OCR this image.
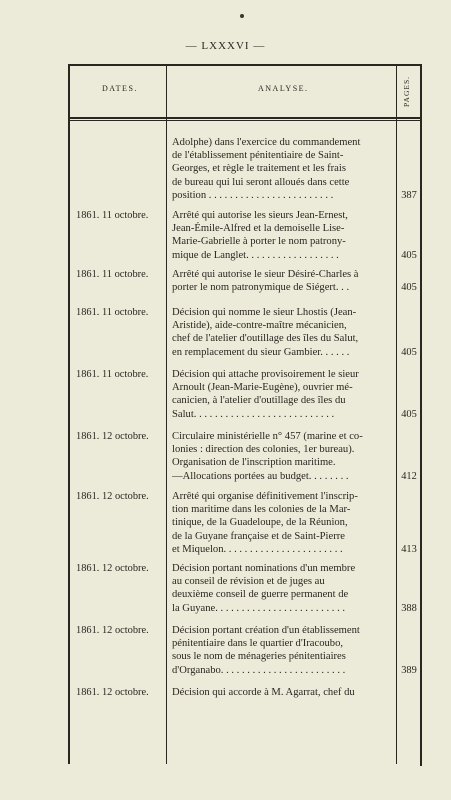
— LXXXVI —
DATES.	ANALYSE.	PAGES.
Adolphe) dans l'exercice du commandement
de l'établissement pénitentiaire de Saint-
Georges, et règle le traitement et les frais
de bureau qui lui seront alloués dans cette
position . . . . . . . . . . . . . . . . . . . . . . . .	387
1861. 11 octobre.	Arrêté qui autorise les sieurs Jean-Ernest,
Jean-Émile-Alfred et la demoiselle Lise-
Marie-Gabrielle à porter le nom patrony-
mique de Langlet. . . . . . . . . . . . . . . . . .	405
1861. 11 octobre.	Arrêté qui autorise le sieur Désiré-Charles à
porter le nom patronymique de Siégert. . .	405
1861. 11 octobre.	Décision qui nomme le sieur Lhostis (Jean-
Aristide), aide-contre-maître mécanicien,
chef de l'atelier d'outillage des îles du Salut,
en remplacement du sieur Gambier. . . . . .	405
1861. 11 octobre.	Décision qui attache provisoirement le sieur
Arnoult (Jean-Marie-Eugène), ouvrier mé-
canicien, à l'atelier d'outillage des îles du
Salut. . . . . . . . . . . . . . . . . . . . . . . . . . .	405
1861. 12 octobre.	Circulaire ministérielle n° 457 (marine et co-
lonies : direction des colonies, 1er bureau).
Organisation de l'inscription maritime.
—Allocations portées au budget. . . . . . . .	412
1861. 12 octobre.	Arrêté qui organise définitivement l'inscrip-
tion maritime dans les colonies de la Mar-
tinique, de la Guadeloupe, de la Réunion,
de la Guyane française et de Saint-Pierre
et Miquelon. . . . . . . . . . . . . . . . . . . . . . .	413
1861. 12 octobre.	Décision portant nominations d'un membre
au conseil de révision et de juges au
deuxième conseil de guerre permanent de
la Guyane. . . . . . . . . . . . . . . . . . . . . . . . .	388
1861. 12 octobre.	Décision portant création d'un établissement
pénitentiaire dans le quartier d'Iracoubo,
sous le nom de ménageries pénitentiaires
d'Organabo. . . . . . . . . . . . . . . . . . . . . . . .	389
1861. 12 octobre.	Décision qui accorde à M. Agarrat, chef du
